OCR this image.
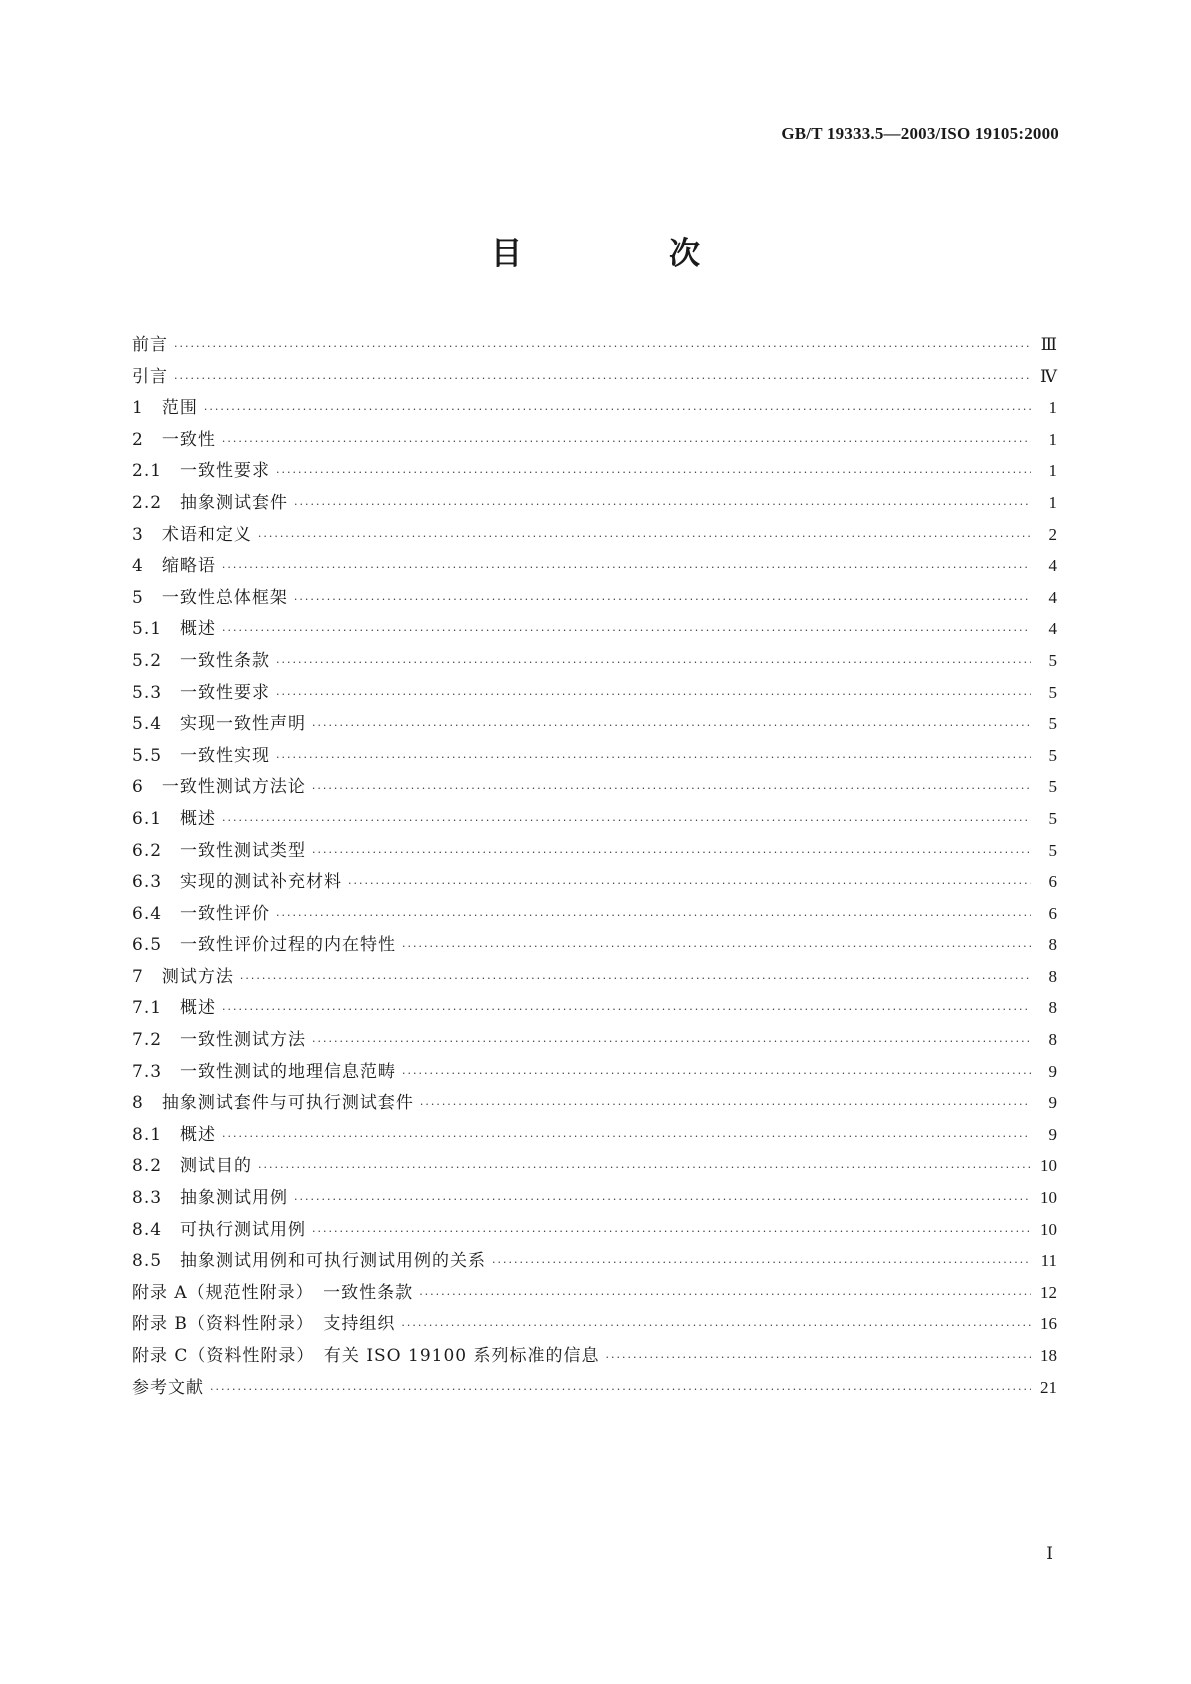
GB/T 19333.5—2003/ISO 19105:2000
目　次
前言 ·····	Ⅲ
引言 ·····	Ⅳ
1　范围 ·····	1
2　一致性 ·····	1
2.1　一致性要求 ·····	1
2.2　抽象测试套件 ·····	1
3　术语和定义 ·····	2
4　缩略语 ·····	4
5　一致性总体框架 ·····	4
5.1　概述 ·····	4
5.2　一致性条款 ·····	5
5.3　一致性要求 ·····	5
5.4　实现一致性声明 ·····	5
5.5　一致性实现 ·····	5
6　一致性测试方法论 ·····	5
6.1　概述 ·····	5
6.2　一致性测试类型 ·····	5
6.3　实现的测试补充材料 ·····	6
6.4　一致性评价 ·····	6
6.5　一致性评价过程的内在特性 ·····	8
7　测试方法 ·····	8
7.1　概述 ·····	8
7.2　一致性测试方法 ·····	8
7.3　一致性测试的地理信息范畴 ·····	9
8　抽象测试套件与可执行测试套件 ·····	9
8.1　概述 ·····	9
8.2　测试目的 ·····	10
8.3　抽象测试用例 ·····	10
8.4　可执行测试用例 ·····	10
8.5　抽象测试用例和可执行测试用例的关系 ·····	11
附录 A（规范性附录）　一致性条款 ·····	12
附录 B（资料性附录）　支持组织 ·····	16
附录 C（资料性附录）　有关 ISO 19100 系列标准的信息 ·····	18
参考文献 ·····	21
Ⅰ
